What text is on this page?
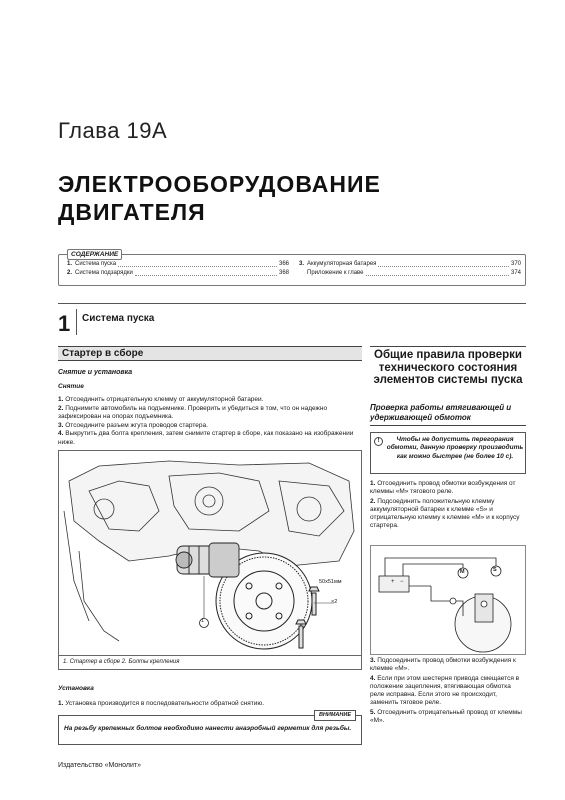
Глава 19А
ЭЛЕКТРООБОРУДОВАНИЕ
ДВИГАТЕЛЯ
СОДЕРЖАНИЕ
1. Система пуска	366
2. Система подзарядки	368
3. Аккумуляторная батарея	370
Приложение к главе	374
1 Система пуска
Стартер в сборе
Снятие и установка
Снятие
1. Отсоединить отрицательную клемму от аккумуляторной батареи.
2. Поднимите автомобиль на подъемнике. Проверить и убедиться в том, что он надежно зафиксирован на опорах подъемника.
3. Отсоедините разъем жгута проводов стартера.
4. Выкрутить два болта крепления, затем снимите стартер в сборе, как показано на изображении ниже.
1
50x51мм
×2
1. Стартер в сборе 2. Болты крепления
Установка
1. Установка производится в последовательности обратной снятию.
ВНИМАНИЕ
На резьбу крепежных болтов необходимо нанести анаэробный герметик для резьбы.
Общие правила проверки технического состояния элементов системы пуска
Проверка работы втягивающей и удерживающей обмоток
!	Чтобы не допустить перегорания обмотки, данную проверку производить как можно быстрее (не более 10 с).
1. Отсоединить провод обмотки возбуждения от клеммы «М» тягового реле.
2. Подсоединить положительную клемму аккумуляторной батареи к клемме «S» и отрицательную клемму к клемме «М» и к корпусу стартера.
+ −
M	S
3. Подсоединить провод обмотки возбуждения к клемме «М».
4. Если при этом шестерня привода смещается в положение зацепления, втягивающая обмотка реле исправна. Если этого не происходит, заменить тяговое реле.
5. Отсоединить отрицательный провод от клеммы «М».
Издательство «Монолит»
